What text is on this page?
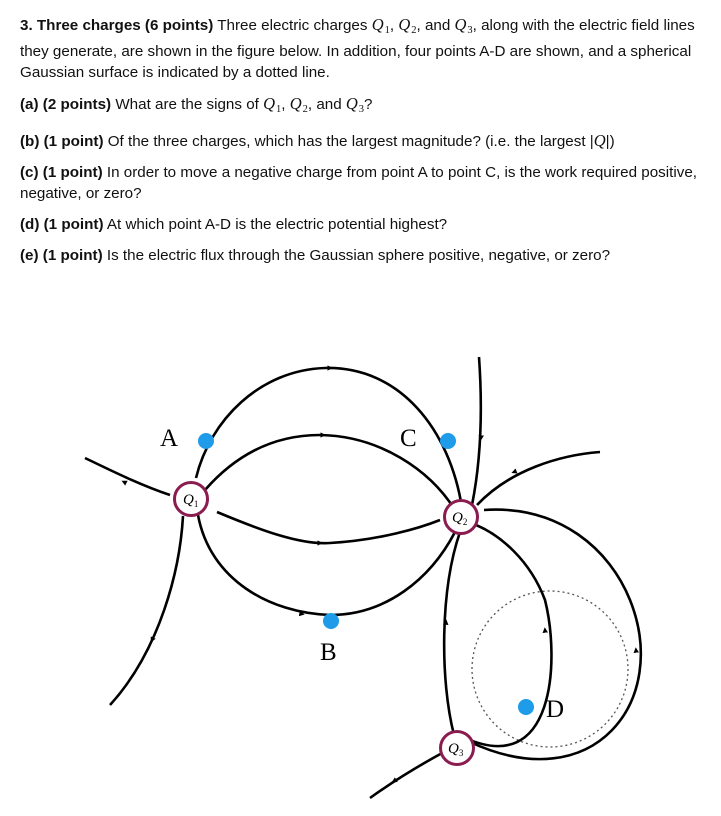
3. Three charges (6 points) Three electric charges $Q_1$, $Q_2$, and $Q_3$, along with the electric field lines they generate, are shown in the figure below. In addition, four points A-D are shown, and a spherical Gaussian surface is indicated by a dotted line.

(a) (2 points) What are the signs of $Q_1$, $Q_2$, and $Q_3$?

(b) (1 point) Of the three charges, which has the largest magnitude? (i.e. the largest |Q|)

(c) (1 point) In order to move a negative charge from point A to point C, is the work required positive, negative, or zero?

(d) (1 point) At which point A-D is the electric potential highest?

(e) (1 point) Is the electric flux through the Gaussian sphere positive, negative, or zero?

$Q_1$
$Q_2$
$Q_3$
A
B
C
D
